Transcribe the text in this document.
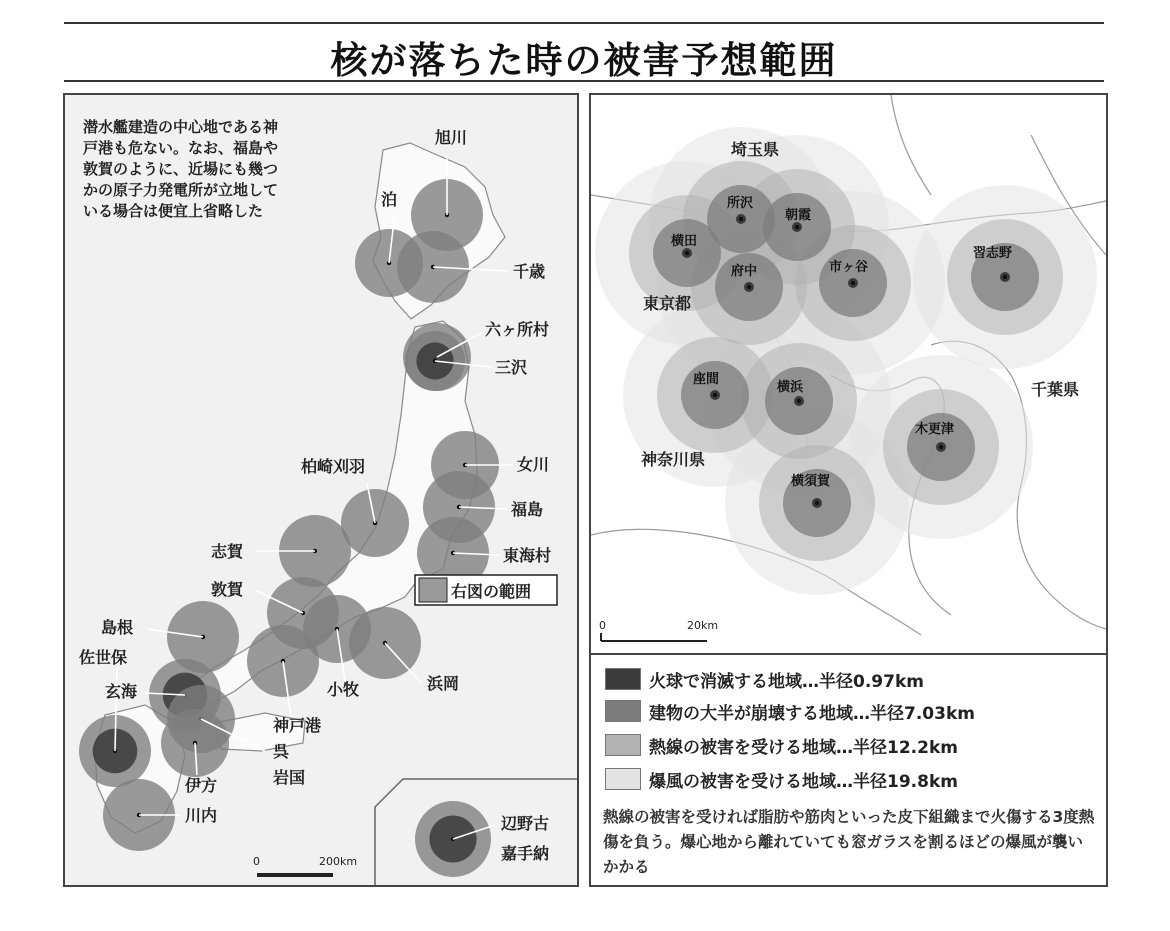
核が落ちた時の被害予想範囲
旭川
泊
千歳
六ヶ所村
三沢
女川
柏崎刈羽
福島
東海村
志賀
敦賀
島根
佐世保
玄海	小牧	浜岡
神戸港
呉
岩国
伊方
川内	辺野古
嘉手納
右図の範囲
0	200km
潜水艦建造の中心地である神戸港も危ない。なお、福島や敦賀のように、近場にも幾つかの原子力発電所が立地している場合は便宜上省略した
埼玉県
東京都
神奈川県
千葉県
所沢
朝霞
横田
府中	市ヶ谷
習志野
座間
横浜
木更津
横須賀
0	20km
火球で消滅する地域…半径0.97km
建物の大半が崩壊する地域…半径7.03km
熱線の被害を受ける地域…半径12.2km
爆風の被害を受ける地域…半径19.8km
熱線の被害を受ければ脂肪や筋肉といった皮下組織まで火傷する3度熱傷を負う。爆心地から離れていても窓ガラスを割るほどの爆風が襲いかかる
